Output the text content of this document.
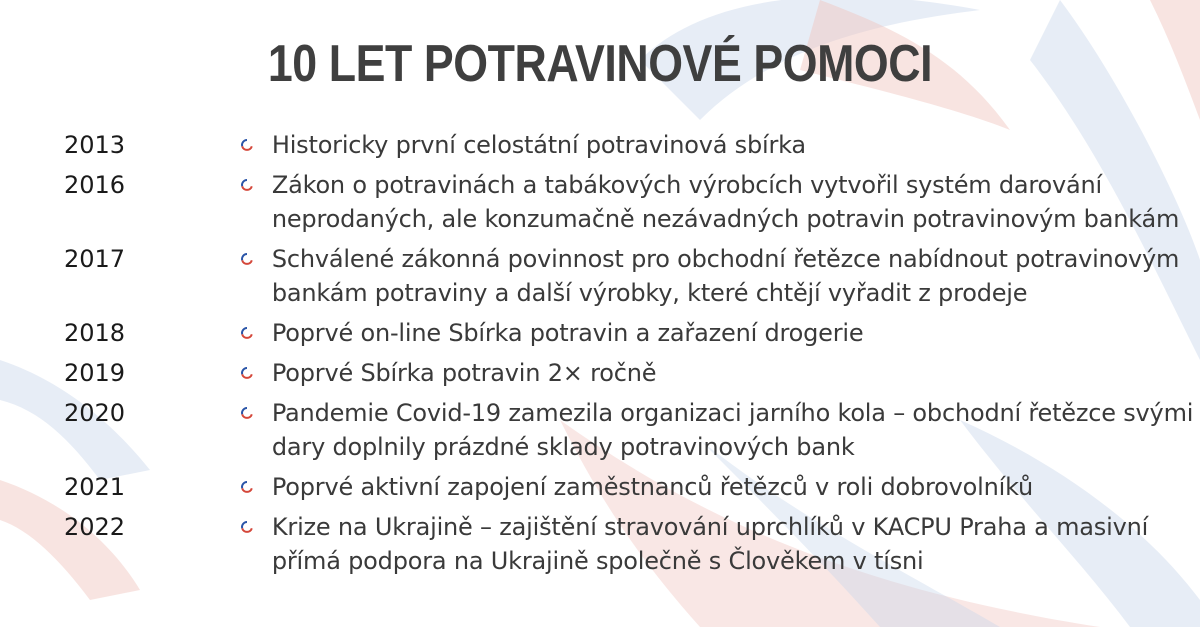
10 LET POTRAVINOVÉ POMOCI
2013	Historicky první celostátní potravinová sbírka
2016	Zákon o potravinách a tabákových výrobcích vytvořil systém darování
neprodaných, ale konzumačně nezávadných potravin potravinovým bankám
2017	Schválené zákonná povinnost pro obchodní řetězce nabídnout potravinovým
bankám potraviny a další výrobky, které chtějí vyřadit z prodeje
2018	Poprvé on-line Sbírka potravin a zařazení drogerie
2019	Poprvé Sbírka potravin 2× ročně
2020	Pandemie Covid-19 zamezila organizaci jarního kola – obchodní řetězce svými
dary doplnily prázdné sklady potravinových bank
2021	Poprvé aktivní zapojení zaměstnanců řetězců v roli dobrovolníků
2022	Krize na Ukrajině – zajištění stravování uprchlíků v KACPU Praha a masivní
přímá podpora na Ukrajině společně s Člověkem v tísni
